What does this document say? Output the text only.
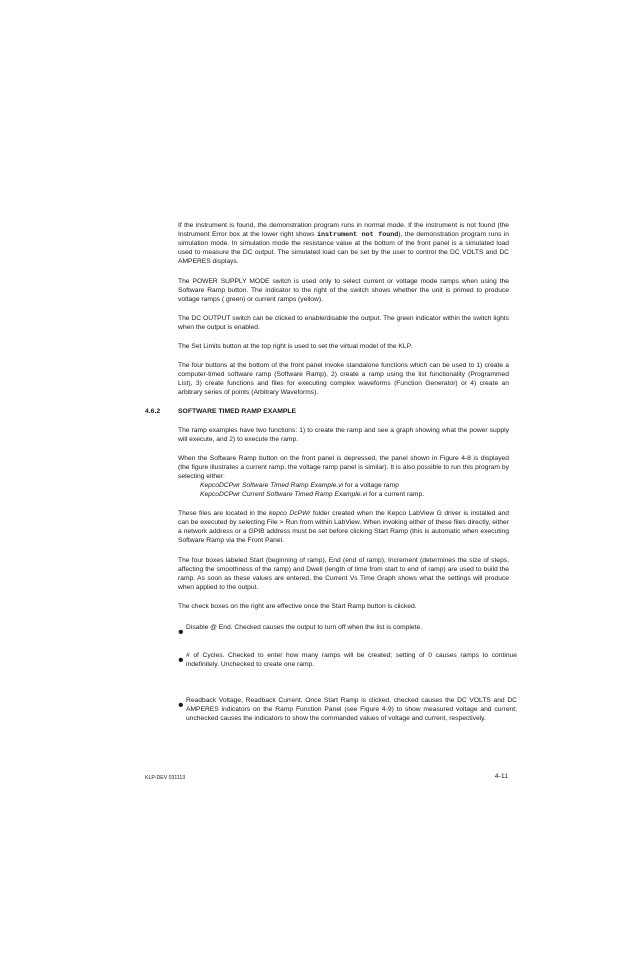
If the instrument is found, the demonstration program runs in normal mode. If the instrument is not found (the Instrument Error box at the lower right shows instrument not found), the demonstration program runs in simulation mode. In simulation mode the resistance value at the bottom of the front panel is a simulated load used to measure the DC output. The simulated load can be set by the user to control the DC VOLTS and DC AMPERES displays.

The POWER SUPPLY MODE switch is used only to select current or voltage mode ramps when using the Software Ramp button. The indicator to the right of the switch shows whether the unit is primed to produce voltage ramps ( green) or current ramps (yellow).

The DC OUTPUT switch can be clicked to enable/disable the output. The green indicator within the switch lights when the output is enabled.

The Set Limits button at the top right is used to set the virtual model of the KLP.

The four buttons at the bottom of the front panel invoke standalone functions which can be used to 1) create a computer-timed software ramp (Software Ramp), 2) create a ramp using the list functionality (Programmed List), 3) create functions and files for executing complex waveforms (Function Generator) or 4) create an arbitrary series of points (Arbitrary Waveforms).

4.6.2	SOFTWARE TIMED RAMP EXAMPLE

The ramp examples have two functions: 1) to create the ramp and see a graph showing what the power supply will execute, and 2) to execute the ramp.

When the Software Ramp button on the front panel is depressed, the panel shown in Figure 4-8 is displayed (the figure illustrates a current ramp, the voltage ramp panel is similar). It is also possible to run this program by selecting either:

KepcoDCPwr Software Timed Ramp Example.vi for a voltage ramp

KepcoDCPwr Current Software Timed Ramp Example.vi for a current ramp.

These files are located in the kepco DcPWr folder created when the Kepco LabView G driver is installed and can be executed by selecting File > Run from within LabView. When invoking either of these files directly, either a network address or a GPIB address must be set before clicking Start Ramp (this is automatic when executing Software Ramp via the Front Panel.

The four boxes labeled Start (beginning of ramp), End (end of ramp), Increment (determines the size of steps, affecting the smoothness of the ramp) and Dwell (length of time from start to end of ramp) are used to build the ramp. As soon as these values are entered, the Current Vs Time Graph shows what the settings will produce when applied to the output.

The check boxes on the right are effective once the Start Ramp button is clicked.

• Disable @ End. Checked causes the output to turn off when the list is complete.

• # of Cycles. Checked to enter how many ramps will be created; setting of 0 causes ramps to continue indefinitely. Unchecked to create one ramp.

• Readback Voltage, Readback Current. Once Start Ramp is clicked, checked causes the DC VOLTS and DC AMPERES indicators on the Ramp Function Panel (see Figure 4-9) to show measured voltage and current; unchecked causes the indicators to show the commanded values of voltage and current, respectively.

KLP-DEV 031113	4-11
